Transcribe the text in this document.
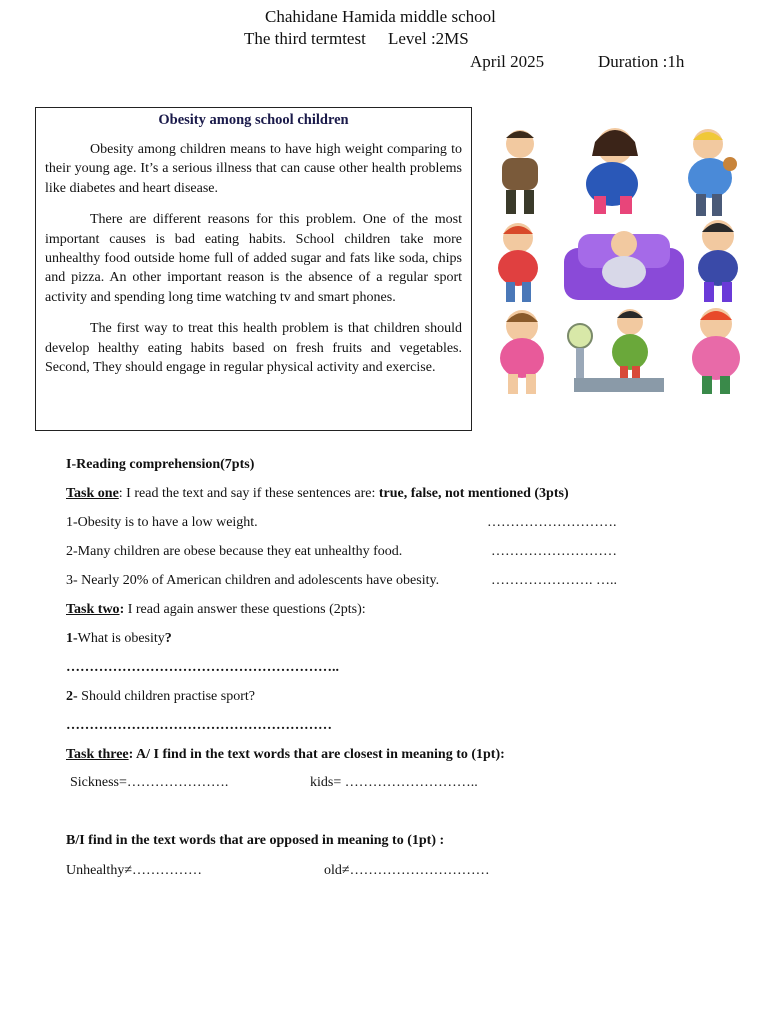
Chahidane Hamida middle school
The third termtest Level :2MS
April 2025	Duration :1h
Obesity among school children

Obesity among children means to have high weight comparing to their young age. It’s a serious illness that can cause other health problems like diabetes and heart disease.

There are different reasons for this problem. One of the most important causes is bad eating habits. School children take more unhealthy food outside home full of added sugar and fats like soda, chips and pizza. An other important reason is the absence of a regular sport activity and spending long time watching tv and smart phones.

The first way to treat this health problem is that children should develop healthy eating habits based on fresh fruits and vegetables. Second, They should engage in regular physical activity and exercise.

I-Reading comprehension(7pts)
Task one: I read the text and say if these sentences are: true, false, not mentioned (3pts)
1-Obesity is to have a low weight.	……………………….
2-Many children are obese because they eat unhealthy food.	………………………
3- Nearly 20% of American children and adolescents have obesity.	…………………. …..
Task two: I read again answer these questions (2pts):
1-What is obesity?
…………………………………………………..
2- Should children practise sport?
…………………………………………………
Task three: A/ I find in the text words that are closest in meaning to (1pt):
Sickness=………………….	kids= ………………………..
B/I find in the text words that are opposed in meaning to (1pt) :
Unhealthy≠……………	old≠…………………………
